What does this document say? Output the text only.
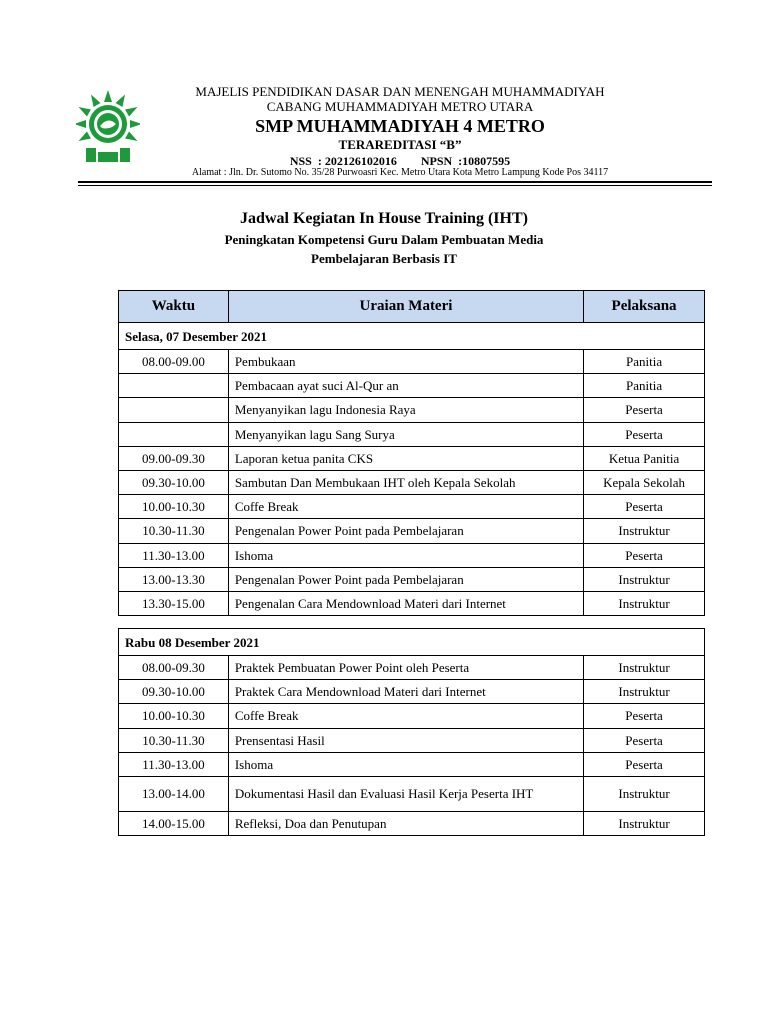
MAJELIS PENDIDIKAN DASAR DAN MENENGAH MUHAMMADIYAH
CABANG MUHAMMADIYAH METRO UTARA
SMP MUHAMMADIYAH 4 METRO
TERAREDITASI “B”
NSS  : 202126102016        NPSN  :10807595
Alamat : Jln. Dr. Sutomo No. 35/28 Purwoasri Kec. Metro Utara Kota Metro Lampung Kode Pos 34117
Jadwal Kegiatan In House Training (IHT)
Peningkatan Kompetensi Guru Dalam Pembuatan Media
Pembelajaran Berbasis IT
Waktu	Uraian Materi	Pelaksana
Selasa, 07 Desember 2021		
08.00-09.00	Pembukaan	Panitia
	Pembacaan ayat suci Al-Qur an	Panitia
	Menyanyikan lagu Indonesia Raya	Peserta
	Menyanyikan lagu Sang Surya	Peserta
09.00-09.30	Laporan ketua panita CKS	Ketua Panitia
09.30-10.00	Sambutan Dan Membukaan IHT oleh Kepala Sekolah	Kepala Sekolah
10.00-10.30	Coffe Break	Peserta
10.30-11.30	Pengenalan Power Point pada Pembelajaran	Instruktur
11.30-13.00	Ishoma	Peserta
13.00-13.30	Pengenalan Power Point pada Pembelajaran	Instruktur
13.30-15.00	Pengenalan Cara Mendownload Materi dari Internet	Instruktur
Rabu 08 Desember 2021		
08.00-09.30	Praktek Pembuatan Power Point oleh Peserta	Instruktur
09.30-10.00	Praktek Cara Mendownload Materi dari Internet	Instruktur
10.00-10.30	Coffe Break	Peserta
10.30-11.30	Prensentasi Hasil	Peserta
11.30-13.00	Ishoma	Peserta
13.00-14.00	Dokumentasi Hasil dan Evaluasi Hasil Kerja Peserta IHT	Instruktur
14.00-15.00	Refleksi, Doa dan Penutupan	Instruktur
